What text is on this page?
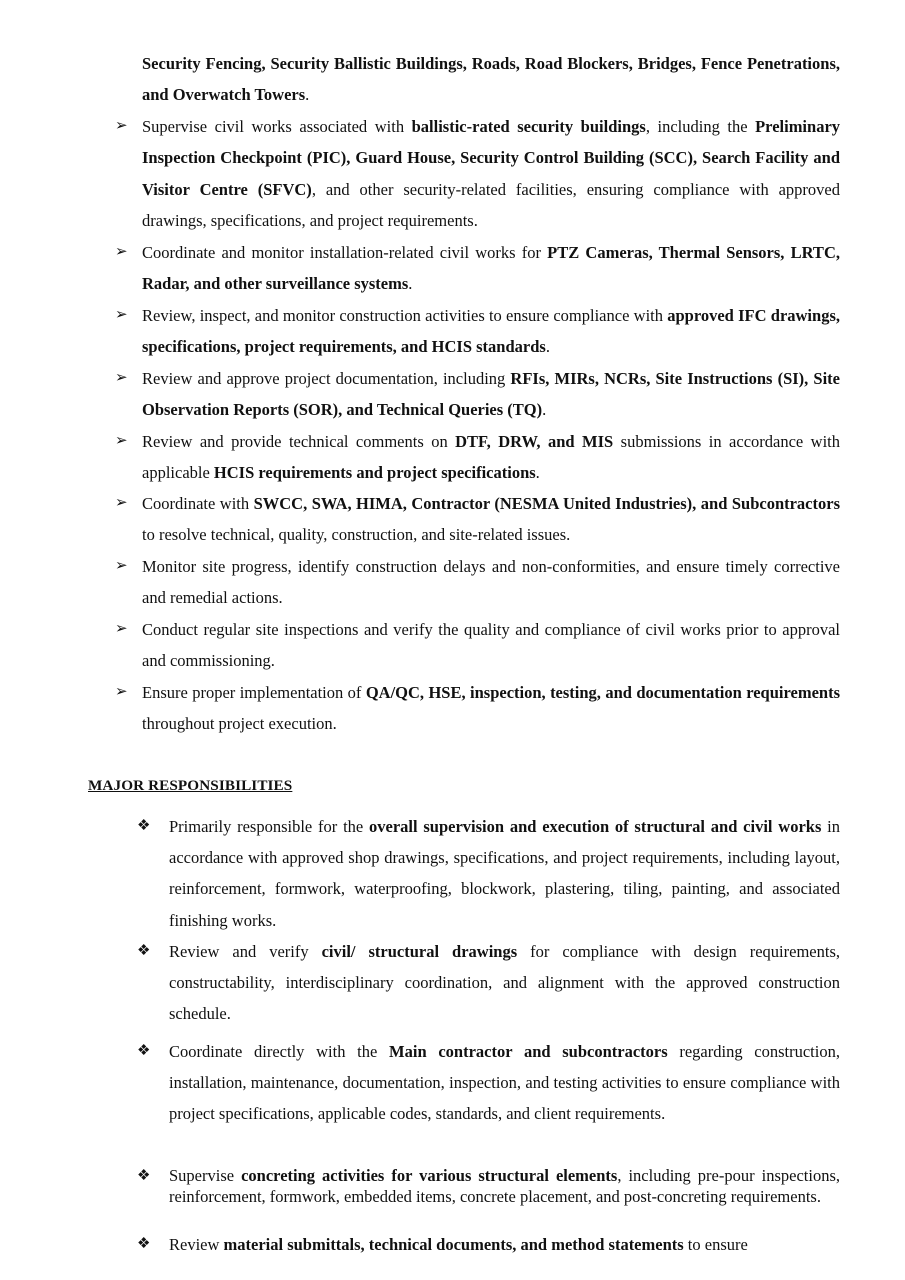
Security Fencing, Security Ballistic Buildings, Roads, Road Blockers, Bridges, Fence Penetrations, and Overwatch Towers.
➢ Supervise civil works associated with ballistic-rated security buildings, including the Preliminary Inspection Checkpoint (PIC), Guard House, Security Control Building (SCC), Search Facility and Visitor Centre (SFVC), and other security-related facilities, ensuring compliance with approved drawings, specifications, and project requirements.
➢ Coordinate and monitor installation-related civil works for PTZ Cameras, Thermal Sensors, LRTC, Radar, and other surveillance systems.
➢ Review, inspect, and monitor construction activities to ensure compliance with approved IFC drawings, specifications, project requirements, and HCIS standards.
➢ Review and approve project documentation, including RFIs, MIRs, NCRs, Site Instructions (SI), Site Observation Reports (SOR), and Technical Queries (TQ).
➢ Review and provide technical comments on DTF, DRW, and MIS submissions in accordance with applicable HCIS requirements and project specifications.
➢ Coordinate with SWCC, SWA, HIMA, Contractor (NESMA United Industries), and Subcontractors to resolve technical, quality, construction, and site-related issues.
➢ Monitor site progress, identify construction delays and non-conformities, and ensure timely corrective and remedial actions.
➢ Conduct regular site inspections and verify the quality and compliance of civil works prior to approval and commissioning.
➢ Ensure proper implementation of QA/QC, HSE, inspection, testing, and documentation requirements throughout project execution.
MAJOR RESPONSIBILITIES
❖ Primarily responsible for the overall supervision and execution of structural and civil works in accordance with approved shop drawings, specifications, and project requirements, including layout, reinforcement, formwork, waterproofing, blockwork, plastering, tiling, painting, and associated finishing works.
❖ Review and verify civil/ structural drawings for compliance with design requirements, constructability, interdisciplinary coordination, and alignment with the approved construction schedule.
❖ Coordinate directly with the Main contractor and subcontractors regarding construction, installation, maintenance, documentation, inspection, and testing activities to ensure compliance with project specifications, applicable codes, standards, and client requirements.
❖ Supervise concreting activities for various structural elements, including pre-pour inspections, reinforcement, formwork, embedded items, concrete placement, and post-concreting requirements.
❖ Review material submittals, technical documents, and method statements to ensure
